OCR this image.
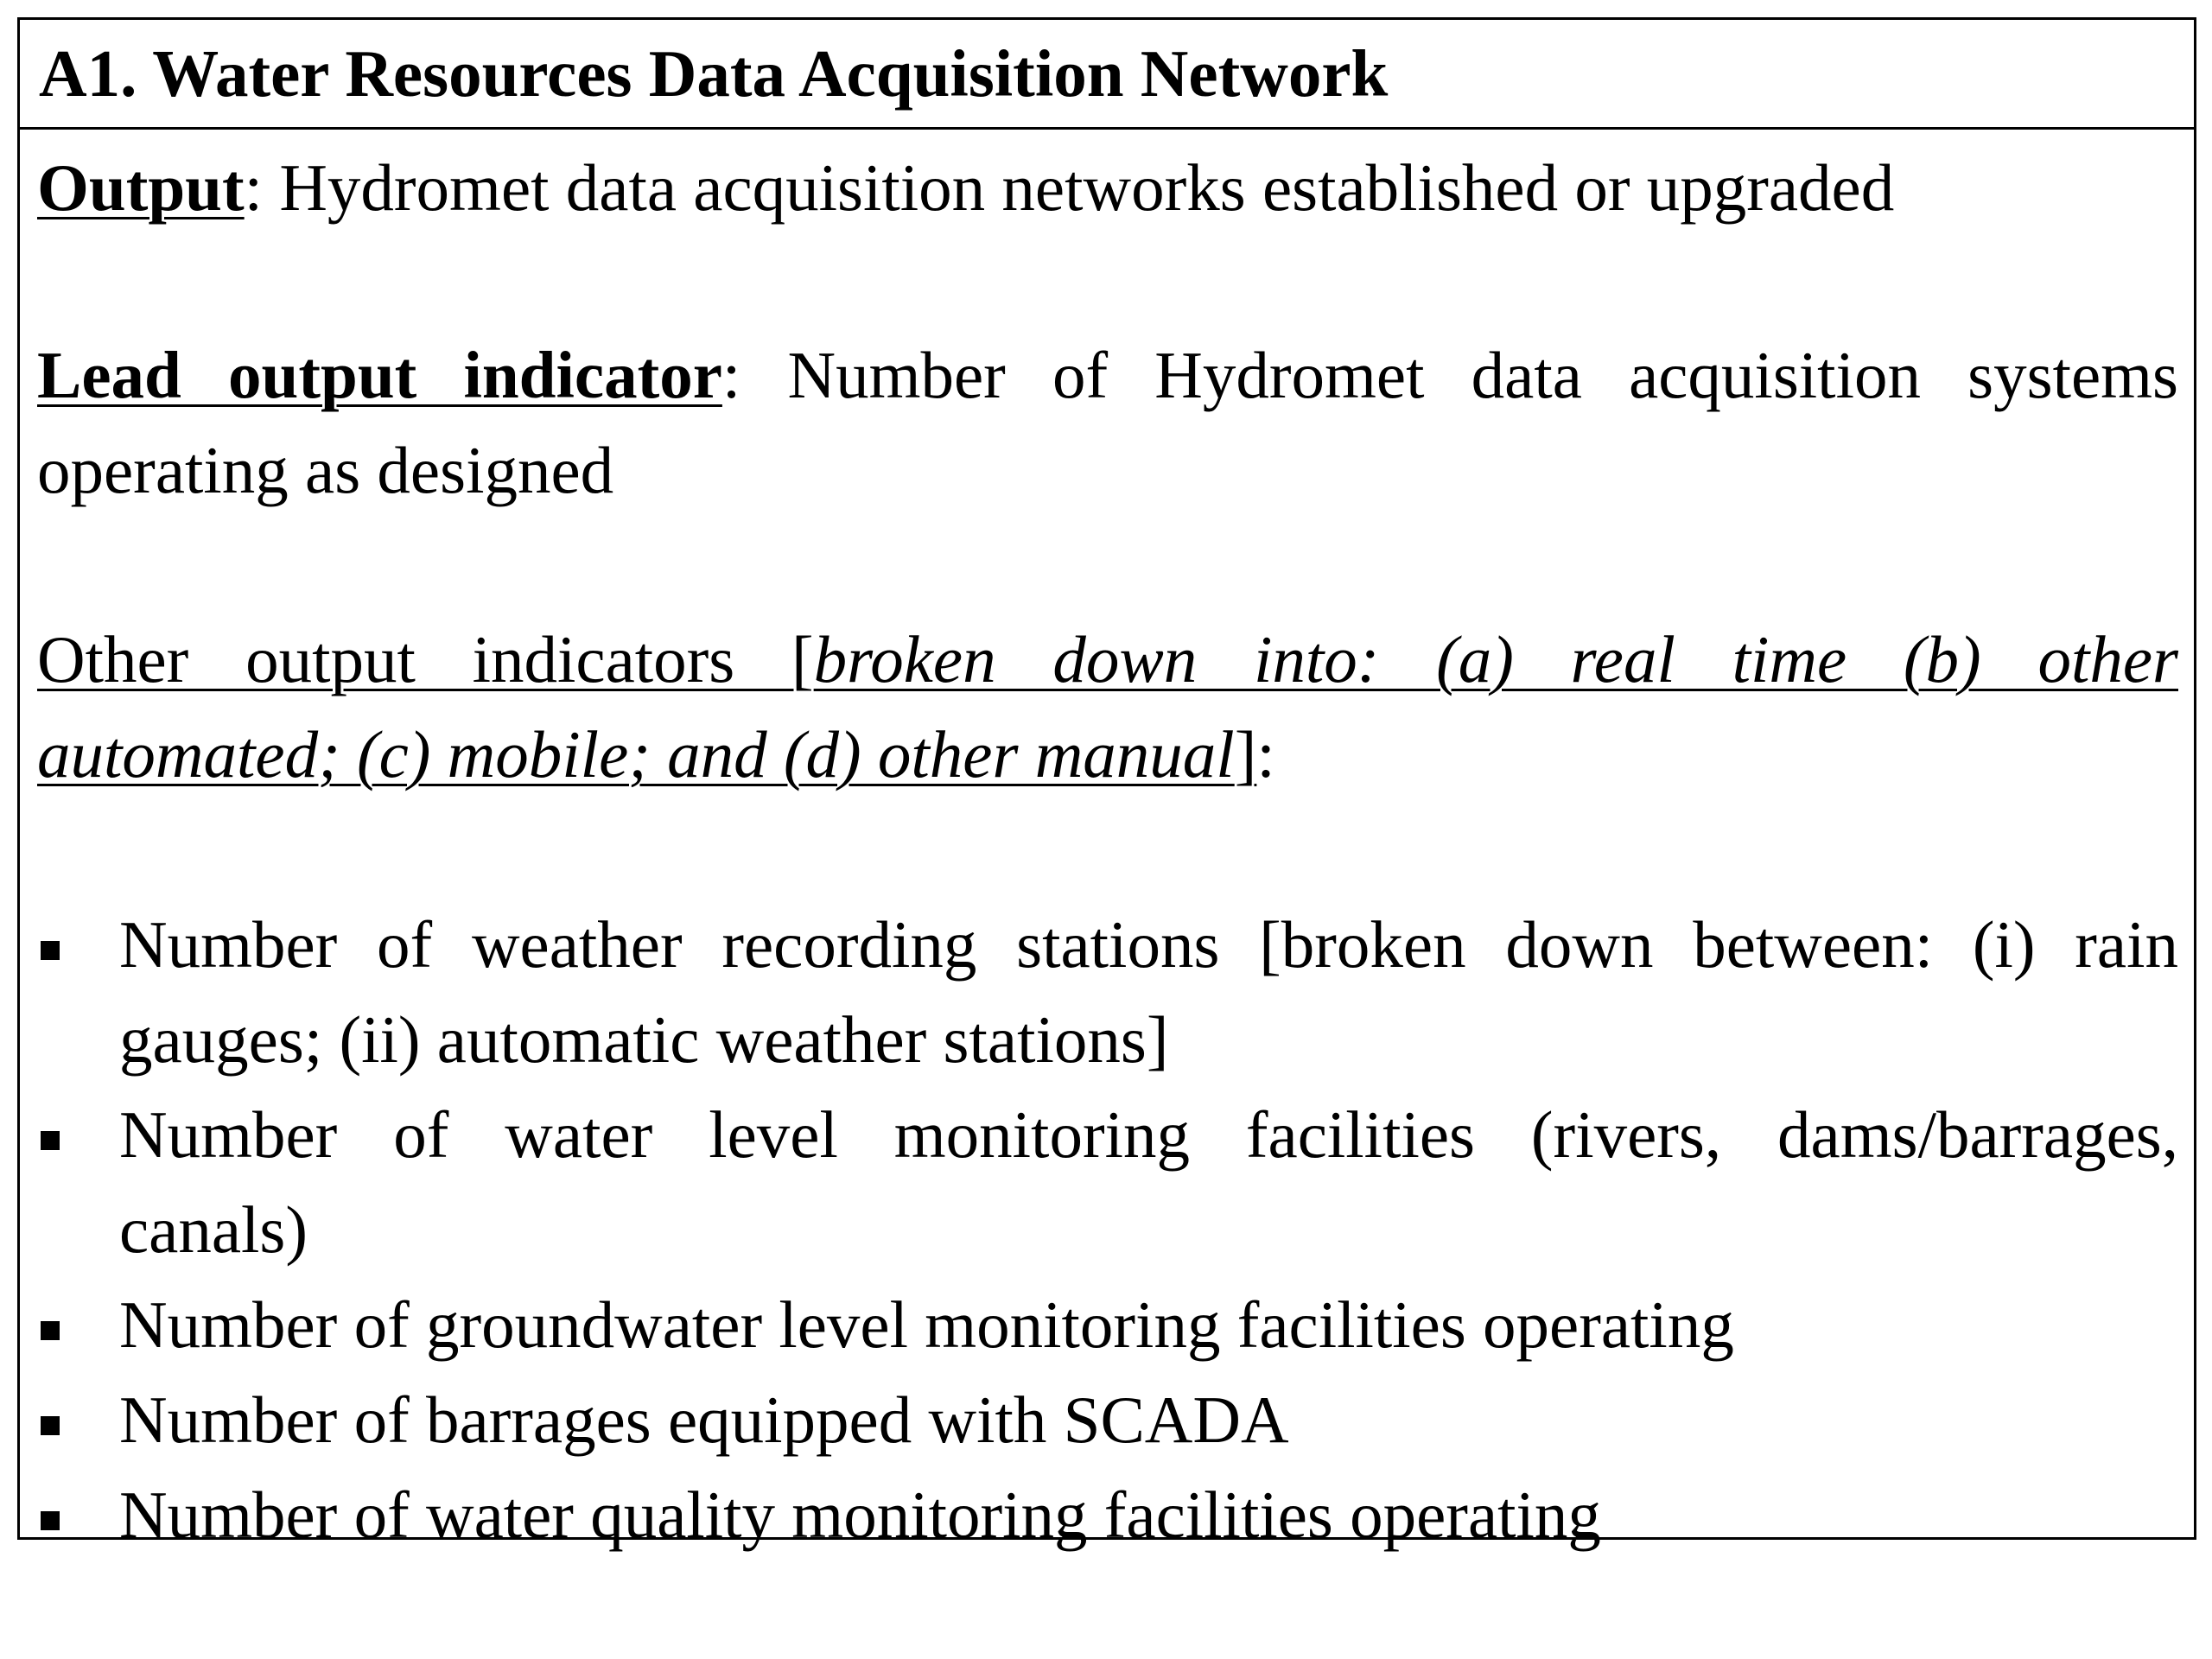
A1. Water Resources Data Acquisition Network
Output: Hydromet data acquisition networks established or upgraded
Lead output indicator: Number of Hydromet data acquisition systems
operating as designed
Other output indicators [broken down into: (a) real time (b) other
automated; (c) mobile; and (d) other manual]:
Number of weather recording stations [broken down between: (i) rain
gauges; (ii) automatic weather stations]
Number of water level monitoring facilities (rivers, dams/barrages,
canals)
Number of groundwater level monitoring facilities operating
Number of barrages equipped with SCADA
Number of water quality monitoring facilities operating
